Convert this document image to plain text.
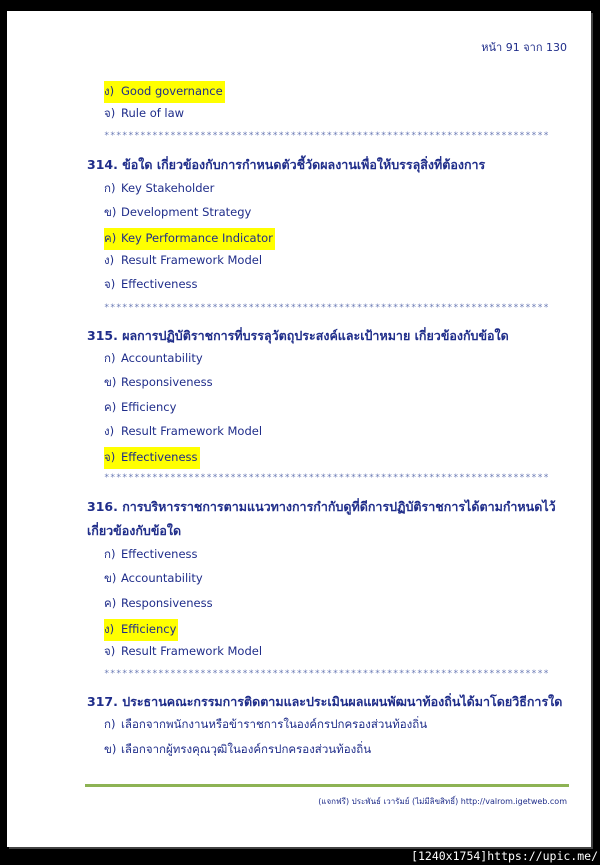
หน้า 91 จาก 130
ง) Good governance
จ) Rule of law
**************************************************************************
314. ข้อใด เกี่ยวข้องกับการกำหนดตัวชี้วัดผลงานเพื่อให้บรรลุสิ่งที่ต้องการ
ก) Key Stakeholder
ข) Development Strategy
ค) Key Performance Indicator
ง) Result Framework Model
จ) Effectiveness
**************************************************************************
315. ผลการปฏิบัติราชการที่บรรลุวัตถุประสงค์และเป้าหมาย เกี่ยวข้องกับข้อใด
ก) Accountability
ข) Responsiveness
ค) Efficiency
ง) Result Framework Model
จ) Effectiveness
**************************************************************************
316. การบริหารราชการตามแนวทางการกำกับดูที่ดีการปฏิบัติราชการได้ตามกำหนดไว้
เกี่ยวข้องกับข้อใด
ก) Effectiveness
ข) Accountability
ค) Responsiveness
ง) Efficiency
จ) Result Framework Model
**************************************************************************
317. ประธานคณะกรรมการติดตามและประเมินผลแผนพัฒนาท้องถิ่นได้มาโดยวิธีการใด
ก) เลือกจากพนักงานหรือข้าราชการในองค์กรปกครองส่วนท้องถิ่น
ข) เลือกจากผู้ทรงคุณวุฒิในองค์กรปกครองส่วนท้องถิ่น
(แจกฟรี) ประพันธ์ เวารัมย์ (ไม่มีลิขสิทธิ์) http://valrom.igetweb.com
[1240x1754]https://upic.me/
